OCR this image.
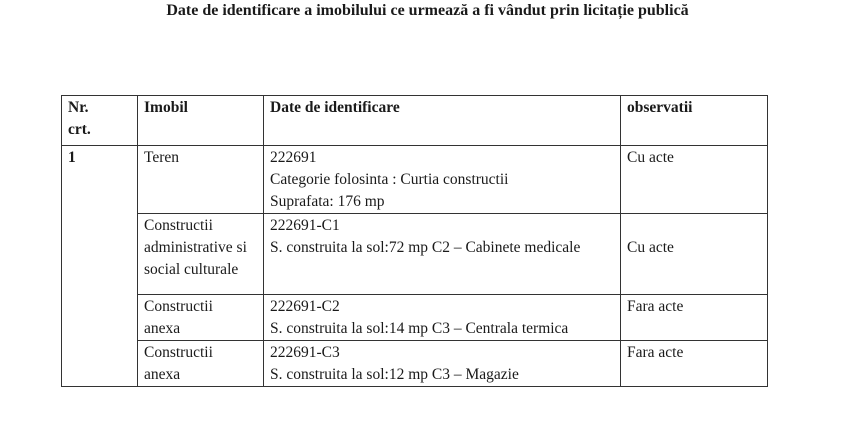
Date de identificare a imobilului ce urmează a fi vândut prin licitație publică
Nr.
crt.	Imobil	Date de identificare	observatii
1	Teren	222691
Categorie folosinta : Curtia constructii
Suprafata: 176 mp	Cu acte

	Constructii
administrative si
social culturale	222691-C1
S. construita la sol:72 mp C2 – Cabinete medicale	Cu acte

	Constructii
anexa	222691-C2
S. construita la sol:14 mp C3 – Centrala termica	Fara acte

	Constructii
anexa	222691-C3
S. construita la sol:12 mp C3 – Magazie	Fara acte
